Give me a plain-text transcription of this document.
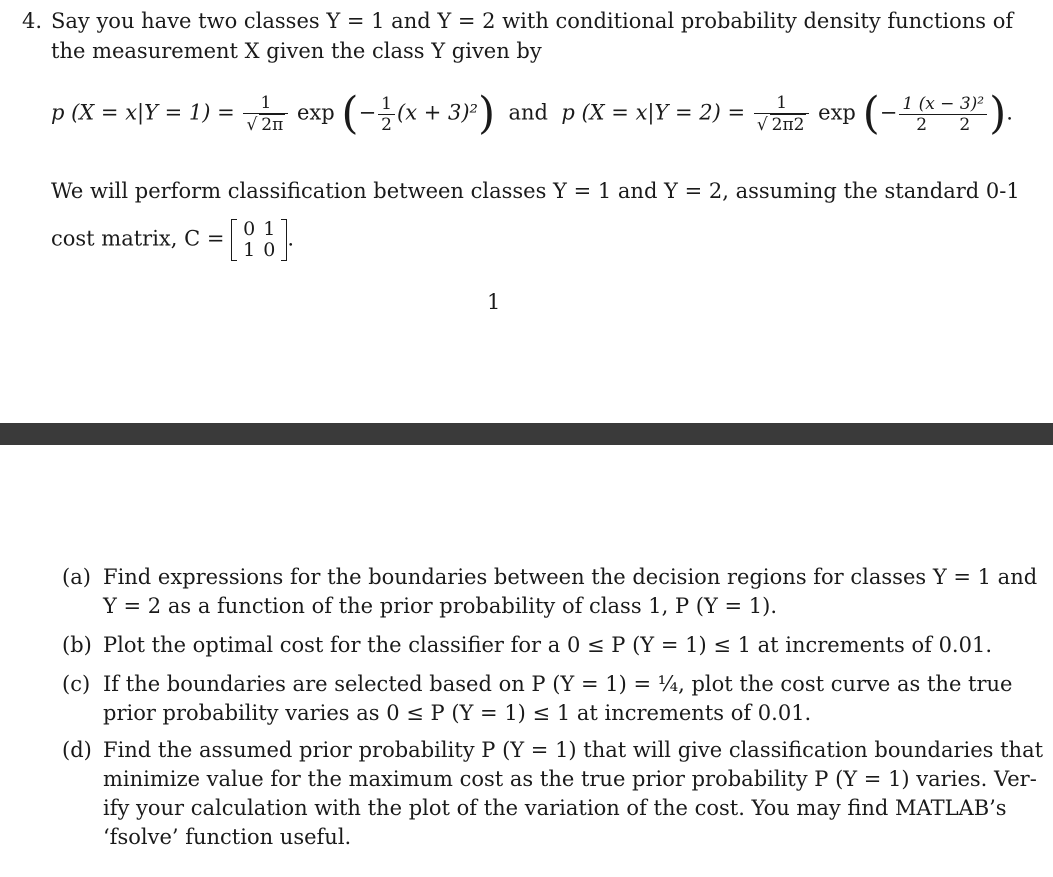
4. Say you have two classes Y = 1 and Y = 2 with conditional probability density functions of
the measurement X given the class Y given by
p $(X = x|Y = 1) = \frac{1}{√ 2\pi}$ exp (− $\frac{1}{2} (x + 3)^2$) and p $(X = x|Y = 2) = \frac{1}{√ 2\pi 2}$ exp (− $\frac{\text{1 (x − 3)²}}{2 2}$ ).
We will perform classification between classes Y = 1 and Y = 2, assuming the standard 0-1
cost matrix, C = 0	1
1	0 .
1
(a) Find expressions for the boundaries between the decision regions for classes Y = 1 and
Y = 2 as a function of the prior probability of class 1, P (Y = 1).
(b) Plot the optimal cost for the classifier for a 0 ≤ P (Y = 1) ≤ 1 at increments of 0.01.
(c) If the boundaries are selected based on P (Y = 1) = ¼, plot the cost curve as the true
prior probability varies as 0 ≤ P (Y = 1) ≤ 1 at increments of 0.01.
(d) Find the assumed prior probability P (Y = 1) that will give classification boundaries that
minimize value for the maximum cost as the true prior probability P (Y = 1) varies. Ver-
ify your calculation with the plot of the variation of the cost. You may find MATLAB’s
‘fsolve’ function useful.
